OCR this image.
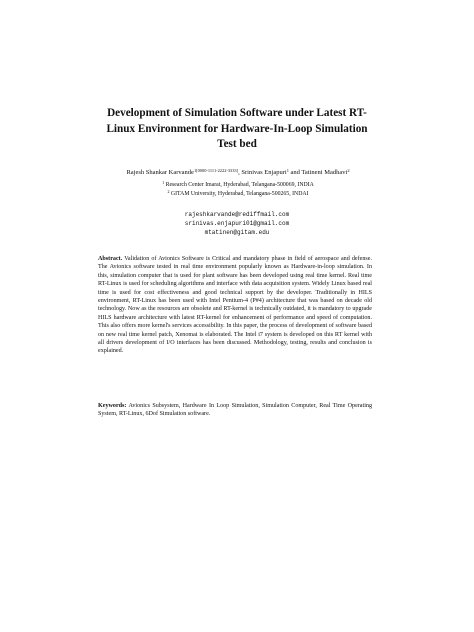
Development of Simulation Software under Latest RT-
Linux Environment for Hardware-In-Loop Simulation
Test bed
Rajesh Shankar Karvande$^{1[0000-1111-2222-3333]}$, Srinivas Enjapuri$^1$ and Tatineni Madhavi$^2$
$^1$ Research Center Imarat, Hyderabad, Telangana-500069, INDIA
$^2$ GITAM University, Hyderabad, Telangana-500265, INDAI
rajeshkarvande@rediffmail.com
srinivas.enjapuri01@gmail.com
mtatinen@gitam.edu
Abstract. Validation of Avionics Software is Critical and mandatory phase in field of aerospace and defense. The Avionics software tested in real time environment popularly known as Hardware-in-loop simulation. In this, simulation computer that is used for plant software has been developed using real time kernel. Real time RT-Linux is used for scheduling algorithms and interface with data acquisition system. Widely Linux based real time is used for cost effectiveness and good technical support by the developer. Traditionally in HILS environment, RT-Linux has been used with Intel Pentium-4 (P#4) architecture that was based on decade old technology. Now as the resources are obsolete and RT-kernel is technically outdated, it is mandatory to upgrade HILS hardware architecture with latest RT-kernel for enhancement of performance and speed of computation. This also offers more kernel's services accessibility. In this paper, the process of development of software based on new real time kernel patch, Xenomai is elaborated. The Intel i7 system is developed on this RT kernel with all drivers development of I/O interfaces has been discussed. Methodology, testing, results and conclusion is explained.
Keywords: Avionics Subsystem, Hardware In Loop Simulation, Simulation Computer, Real Time Operating System, RT-Linux, 6Dof Simulation software.
